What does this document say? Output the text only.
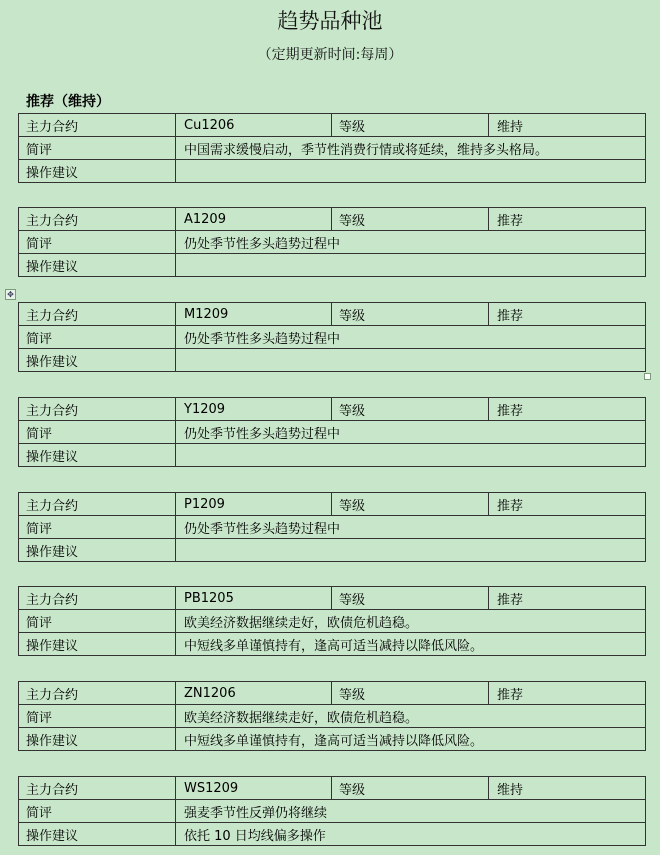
趋势品种池
（定期更新时间:每周）
推荐（维持）
✥
主力合约	Cu1206	等级	维持
简评	中国需求缓慢启动，季节性消费行情或将延续，维持多头格局。		
操作建议			
主力合约	A1209	等级	推荐
简评	仍处季节性多头趋势过程中		
操作建议			
主力合约	M1209	等级	推荐
简评	仍处季节性多头趋势过程中		
操作建议			
主力合约	Y1209	等级	推荐
简评	仍处季节性多头趋势过程中		
操作建议			
主力合约	P1209	等级	推荐
简评	仍处季节性多头趋势过程中		
操作建议			
主力合约	PB1205	等级	推荐
简评	欧美经济数据继续走好，欧债危机趋稳。		
操作建议	中短线多单谨慎持有，逢高可适当减持以降低风险。		
主力合约	ZN1206	等级	推荐
简评	欧美经济数据继续走好，欧债危机趋稳。		
操作建议	中短线多单谨慎持有，逢高可适当减持以降低风险。		
主力合约	WS1209	等级	维持
简评	强麦季节性反弹仍将继续		
操作建议	依托 10 日均线偏多操作		
